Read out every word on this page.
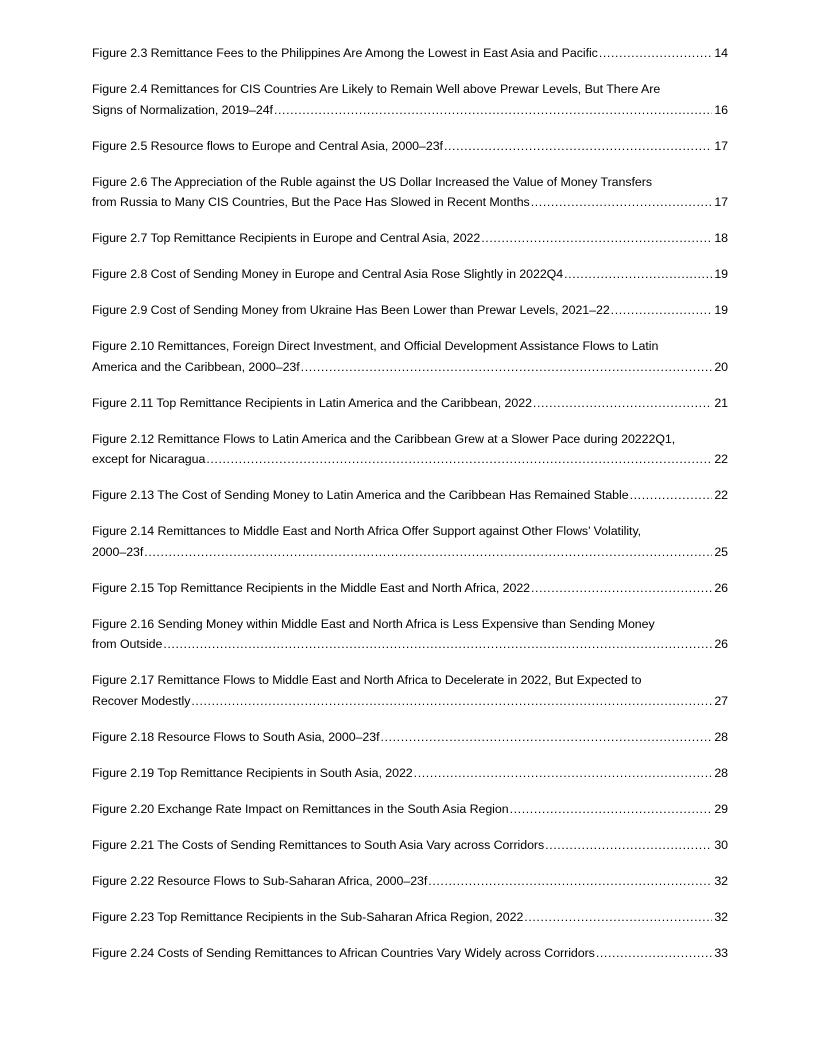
Figure 2.3 Remittance Fees to the Philippines Are Among the Lowest in East Asia and Pacific .....	14
Figure 2.4 Remittances for CIS Countries Are Likely to Remain Well above Prewar Levels, But There Are
Signs of Normalization, 2019–24f .....	16
Figure 2.5 Resource flows to Europe and Central Asia, 2000–23f .....	17
Figure 2.6 The Appreciation of the Ruble against the US Dollar Increased the Value of Money Transfers
from Russia to Many CIS Countries, But the Pace Has Slowed in Recent Months .....	17
Figure 2.7 Top Remittance Recipients in Europe and Central Asia, 2022 .....	18
Figure 2.8 Cost of Sending Money in Europe and Central Asia Rose Slightly in 2022Q4 .....	19
Figure 2.9 Cost of Sending Money from Ukraine Has Been Lower than Prewar Levels, 2021–22 .....	19
Figure 2.10 Remittances, Foreign Direct Investment, and Official Development Assistance Flows to Latin
America and the Caribbean, 2000–23f .....	20
Figure 2.11 Top Remittance Recipients in Latin America and the Caribbean, 2022 .....	21
Figure 2.12 Remittance Flows to Latin America and the Caribbean Grew at a Slower Pace during 20222Q1,
except for Nicaragua .....	22
Figure 2.13 The Cost of Sending Money to Latin America and the Caribbean Has Remained Stable .....	22
Figure 2.14 Remittances to Middle East and North Africa Offer Support against Other Flows’ Volatility,
2000–23f .....	25
Figure 2.15 Top Remittance Recipients in the Middle East and North Africa, 2022 .....	26
Figure 2.16 Sending Money within Middle East and North Africa is Less Expensive than Sending Money
from Outside .....	26
Figure 2.17 Remittance Flows to Middle East and North Africa to Decelerate in 2022, But Expected to
Recover Modestly .....	27
Figure 2.18 Resource Flows to South Asia, 2000–23f .....	28
Figure 2.19 Top Remittance Recipients in South Asia, 2022 .....	28
Figure 2.20 Exchange Rate Impact on Remittances in the South Asia Region .....	29
Figure 2.21 The Costs of Sending Remittances to South Asia Vary across Corridors .....	30
Figure 2.22 Resource Flows to Sub-Saharan Africa, 2000–23f .....	32
Figure 2.23 Top Remittance Recipients in the Sub-Saharan Africa Region, 2022 .....	32
Figure 2.24 Costs of Sending Remittances to African Countries Vary Widely across Corridors .....	33
